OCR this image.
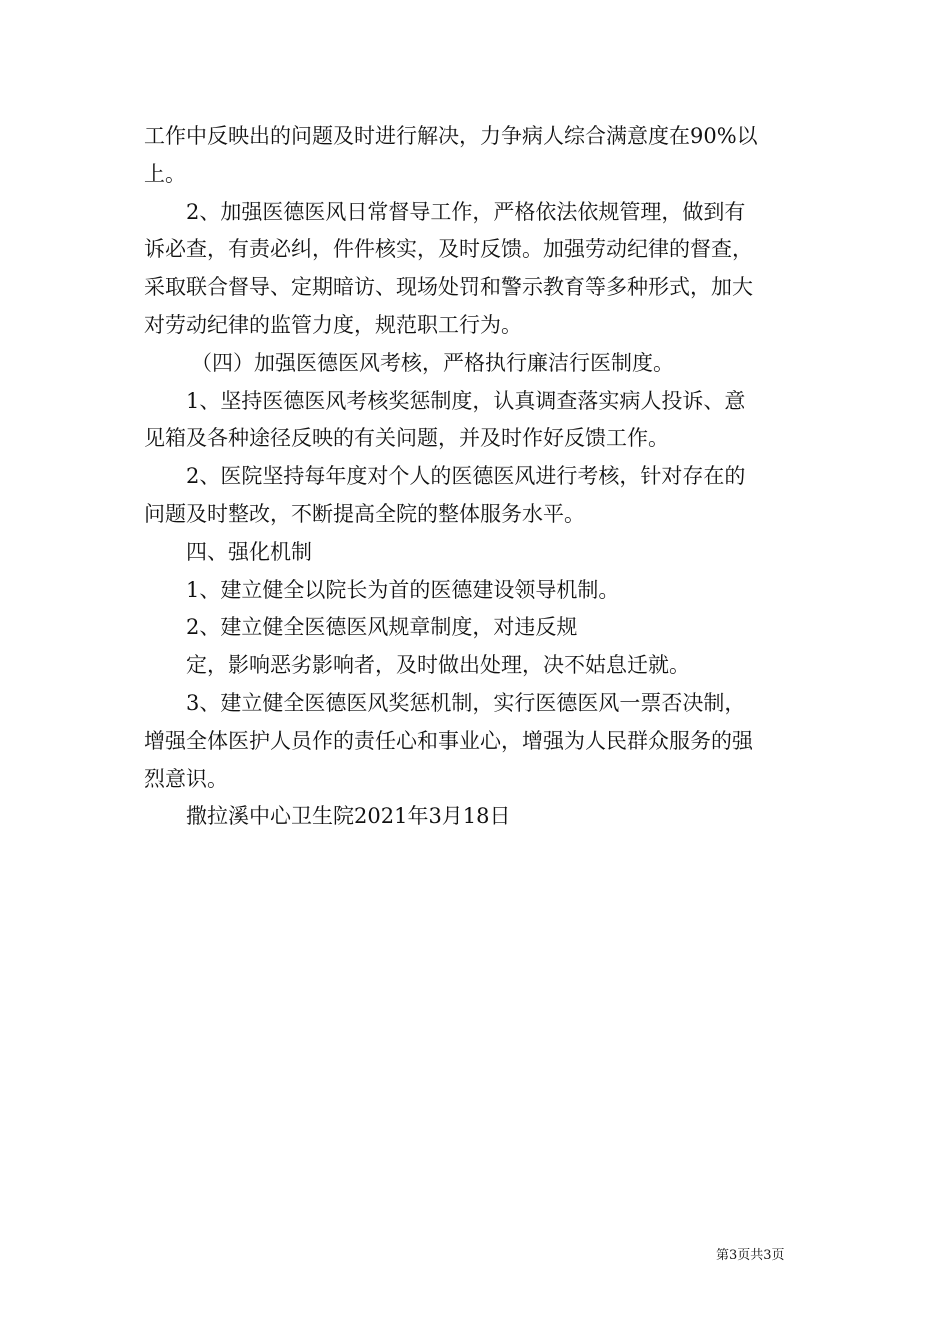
工作中反映出的问题及时进行解决，力争病人综合满意度在90%以
上。
2、加强医德医风日常督导工作，严格依法依规管理，做到有
诉必查，有责必纠，件件核实，及时反馈。加强劳动纪律的督查，
采取联合督导、定期暗访、现场处罚和警示教育等多种形式，加大
对劳动纪律的监管力度，规范职工行为。
（四）加强医德医风考核，严格执行廉洁行医制度。
1、坚持医德医风考核奖惩制度，认真调查落实病人投诉、意
见箱及各种途径反映的有关问题，并及时作好反馈工作。
2、医院坚持每年度对个人的医德医风进行考核，针对存在的
问题及时整改，不断提高全院的整体服务水平。
四、强化机制
1、建立健全以院长为首的医德建设领导机制。
2、建立健全医德医风规章制度，对违反规
定，影响恶劣影响者，及时做出处理，决不姑息迁就。
3、建立健全医德医风奖惩机制，实行医德医风一票否决制，
增强全体医护人员作的责任心和事业心，增强为人民群众服务的强
烈意识。
撒拉溪中心卫生院2021年3月18日
第3页共3页
